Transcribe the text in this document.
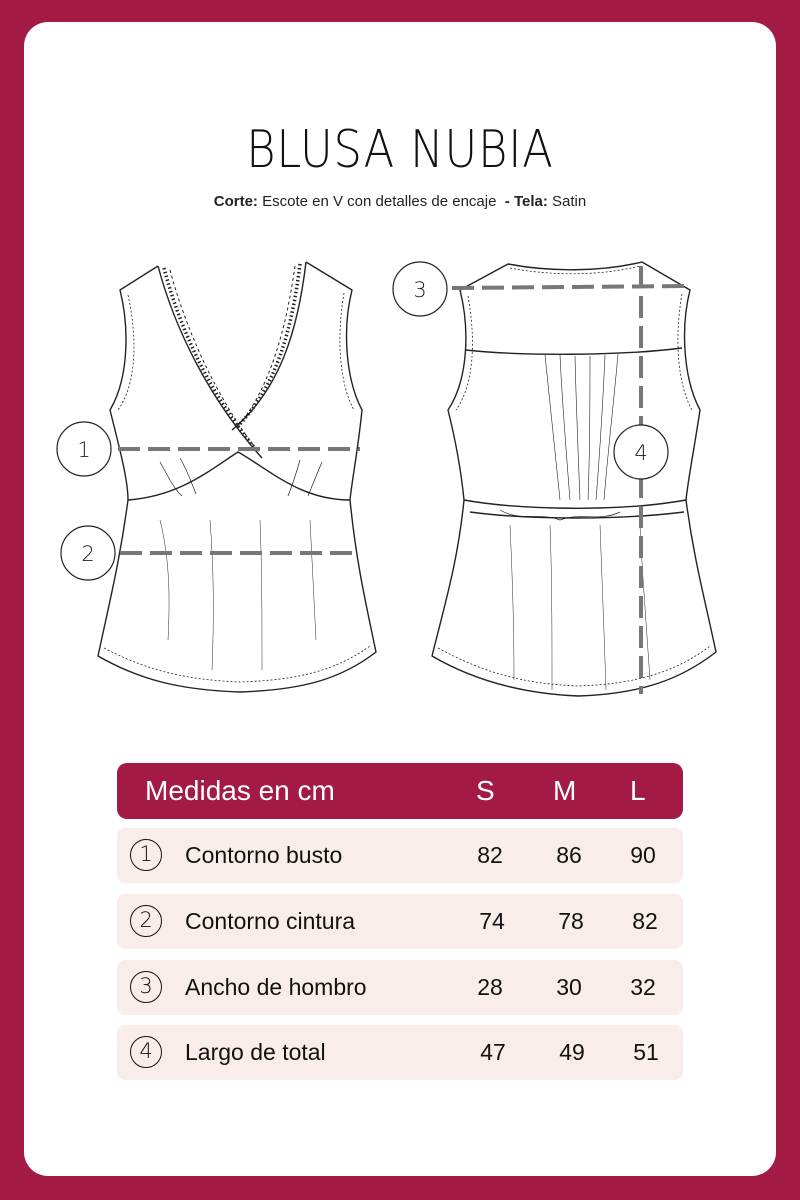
BLUSA NUBIA
Corte: Escote en V con detalles de encaje - Tela: Satin
1
2
3
4
Medidas en cm	S M L
1	Contorno busto	82	86	90
2	Contorno cintura	74	78	82
3	Ancho de hombro	28	30	32
4	Largo de total	47	49	51
